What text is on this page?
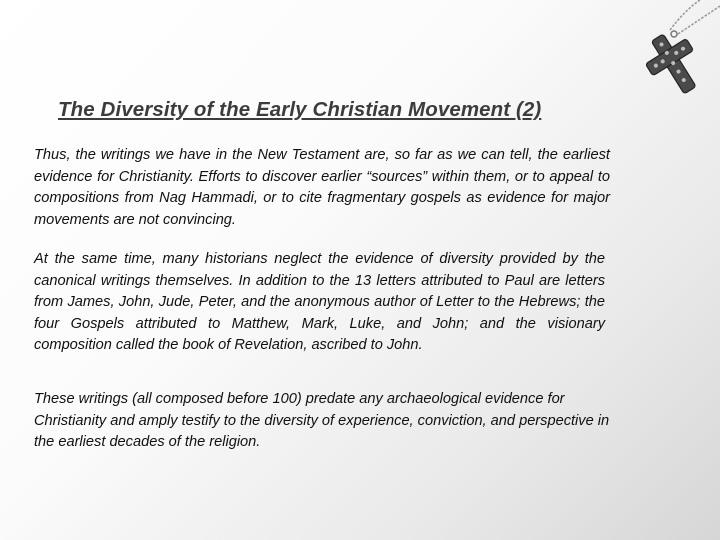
The Diversity of the Early Christian Movement (2)

Thus, the writings we have in the New Testament are, so far as we can tell, the earliest evidence for Christianity. Efforts to discover earlier “sources” within them, or to appeal to compositions from Nag Hammadi, or to cite fragmentary gospels as evidence for major movements are not convincing.

At the same time, many historians neglect the evidence of diversity provided by the canonical writings themselves. In addition to the 13 letters attributed to Paul are letters from James, John, Jude, Peter, and the anonymous author of Letter to the Hebrews; the four Gospels attributed to Matthew, Mark, Luke, and John; and the visionary composition called the book of Revelation, ascribed to John.

These writings (all composed before 100) predate any archaeological evidence for Christianity and amply testify to the diversity of experience, conviction, and perspective in the earliest decades of the religion.
